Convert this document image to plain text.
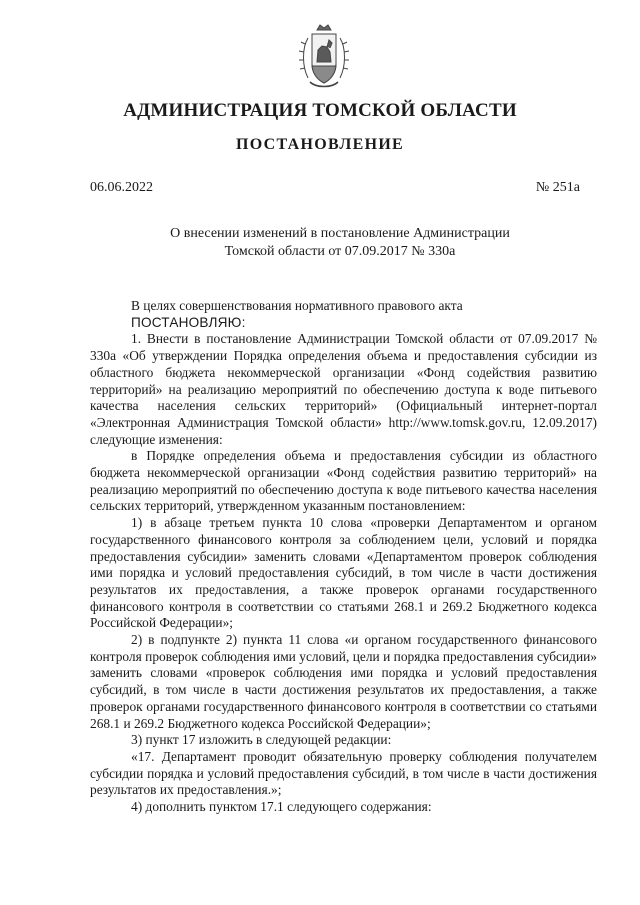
АДМИНИСТРАЦИЯ ТОМСКОЙ ОБЛАСТИ
ПОСТАНОВЛЕНИЕ
06.06.2022	№ 251а
О внесении изменений в постановление Администрации
Томской области от 07.09.2017 № 330а

В целях совершенствования нормативного правового акта

ПОСТАНОВЛЯЮ:

1. Внести в постановление Администрации Томской области от 07.09.2017 № 330а «Об утверждении Порядка определения объема и предоставления субсидии из областного бюджета некоммерческой организации «Фонд содействия развитию территорий» на реализацию мероприятий по обеспечению доступа к воде питьевого качества населения сельских территорий» (Официальный интернет-портал «Электронная Администрация Томской области» http://www.tomsk.gov.ru, 12.09.2017) следующие изменения:

в Порядке определения объема и предоставления субсидии из областного бюджета некоммерческой организации «Фонд содействия развитию территорий» на реализацию мероприятий по обеспечению доступа к воде питьевого качества населения сельских территорий, утвержденном указанным постановлением:

1) в абзаце третьем пункта 10 слова «проверки Департаментом и органом государственного финансового контроля за соблюдением цели, условий и порядка предоставления субсидии» заменить словами «Департаментом проверок соблюдения ими порядка и условий предоставления субсидий, в том числе в части достижения результатов их предоставления, а также проверок органами государственного финансового контроля в соответствии со статьями 268.1 и 269.2 Бюджетного кодекса Российской Федерации»;

2) в подпункте 2) пункта 11 слова «и органом государственного финансового контроля проверок соблюдения ими условий, цели и порядка предоставления субсидии» заменить словами «проверок соблюдения ими порядка и условий предоставления субсидий, в том числе в части достижения результатов их предоставления, а также проверок органами государственного финансового контроля в соответствии со статьями 268.1 и 269.2 Бюджетного кодекса Российской Федерации»;

3) пункт 17 изложить в следующей редакции:

«17. Департамент проводит обязательную проверку соблюдения получателем субсидии порядка и условий предоставления субсидий, в том числе в части достижения результатов их предоставления.»;

4) дополнить пунктом 17.1 следующего содержания:
